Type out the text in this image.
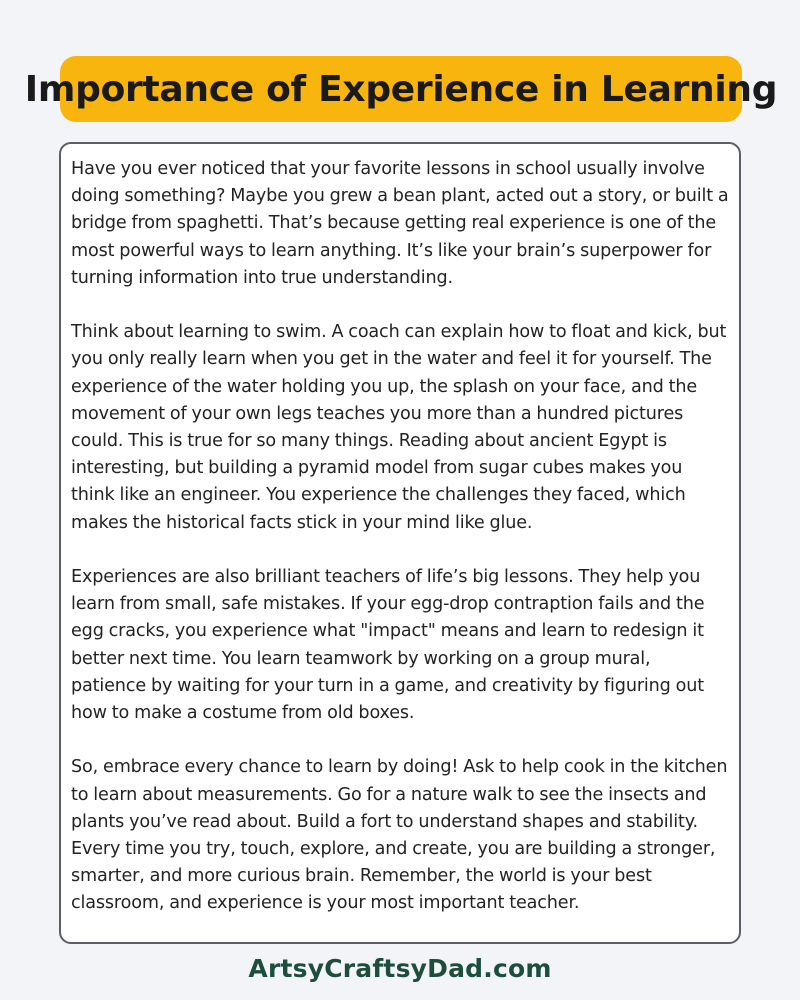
Importance of Experience in Learning

Have you ever noticed that your favorite lessons in school usually involve doing something? Maybe you grew a bean plant, acted out a story, or built a bridge from spaghetti. That’s because getting real experience is one of the most powerful ways to learn anything. It’s like your brain’s superpower for turning information into true understanding.

Think about learning to swim. A coach can explain how to float and kick, but you only really learn when you get in the water and feel it for yourself. The experience of the water holding you up, the splash on your face, and the movement of your own legs teaches you more than a hundred pictures could. This is true for so many things. Reading about ancient Egypt is interesting, but building a pyramid model from sugar cubes makes you think like an engineer. You experience the challenges they faced, which makes the historical facts stick in your mind like glue.

Experiences are also brilliant teachers of life’s big lessons. They help you learn from small, safe mistakes. If your egg-drop contraption fails and the egg cracks, you experience what "impact" means and learn to redesign it better next time. You learn teamwork by working on a group mural, patience by waiting for your turn in a game, and creativity by figuring out how to make a costume from old boxes.

So, embrace every chance to learn by doing! Ask to help cook in the kitchen to learn about measurements. Go for a nature walk to see the insects and plants you’ve read about. Build a fort to understand shapes and stability. Every time you try, touch, explore, and create, you are building a stronger, smarter, and more curious brain. Remember, the world is your best classroom, and experience is your most important teacher.

ArtsyCraftsyDad.com
